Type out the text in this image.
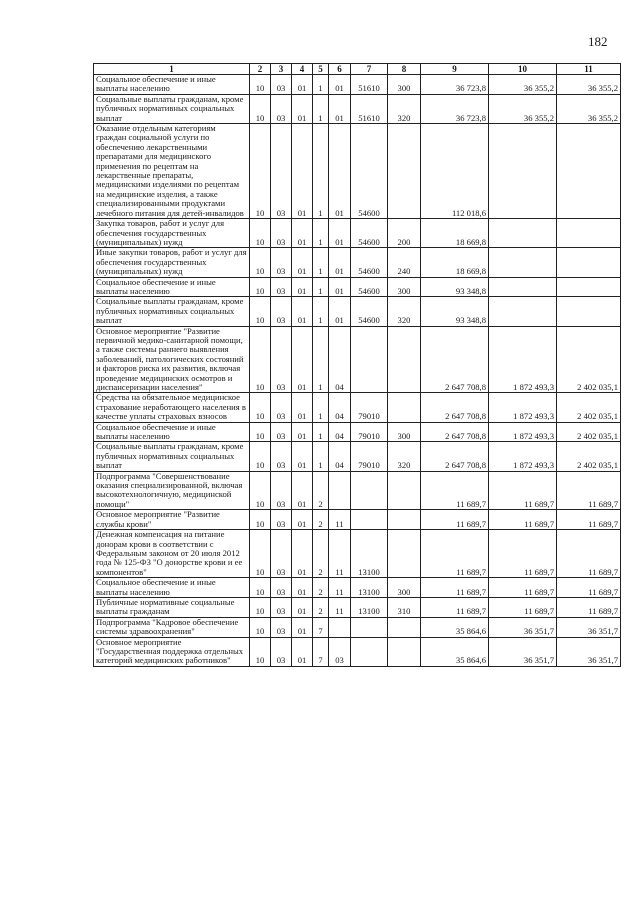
182
1	2	3	4	5	6	7	8	9	10	11
Социальное обеспечение и иные выплаты населению	10	03	01	1	01	51610	300	36 723,8	36 355,2	36 355,2
Социальные выплаты гражданам, кроме публичных нормативных социальных выплат	10	03	01	1	01	51610	320	36 723,8	36 355,2	36 355,2
Оказание отдельным категориям граждан социальной услуги по обеспечению лекарственными препаратами для медицинского применения по рецептам на лекарственные препараты, медицинскими изделиями по рецептам на медицинские изделия, а также специализированными продуктами лечебного питания для детей-инвалидов	10	03	01	1	01	54600		112 018,6		
Закупка товаров, работ и услуг для обеспечения государственных (муниципальных) нужд	10	03	01	1	01	54600	200	18 669,8		
Иные закупки товаров, работ и услуг для обеспечения государственных (муниципальных) нужд	10	03	01	1	01	54600	240	18 669,8		
Социальное обеспечение и иные выплаты населению	10	03	01	1	01	54600	300	93 348,8		
Социальные выплаты гражданам, кроме публичных нормативных социальных выплат	10	03	01	1	01	54600	320	93 348,8		
Основное мероприятие "Развитие первичной медико-санитарной помощи, а также системы раннего выявления заболеваний, патологических состояний и факторов риска их развития, включая проведение медицинских осмотров и диспансеризации населения"	10	03	01	1	04			2 647 708,8	1 872 493,3	2 402 035,1
Средства на обязательное медицинское страхование неработающего населения в качестве уплаты страховых взносов	10	03	01	1	04	79010		2 647 708,8	1 872 493,3	2 402 035,1
Социальное обеспечение и иные выплаты населению	10	03	01	1	04	79010	300	2 647 708,8	1 872 493,3	2 402 035,1
Социальные выплаты гражданам, кроме публичных нормативных социальных выплат	10	03	01	1	04	79010	320	2 647 708,8	1 872 493,3	2 402 035,1
Подпрограмма "Совершенствование оказания специализированной, включая высокотехнологичную, медицинской помощи"	10	03	01	2				11 689,7	11 689,7	11 689,7
Основное мероприятие "Развитие службы крови"	10	03	01	2	11			11 689,7	11 689,7	11 689,7
Денежная компенсация на питание донорам крови в соответствии с Федеральным законом от 20 июля 2012 года № 125-ФЗ "О донорстве крови и ее компонентов"	10	03	01	2	11	13100		11 689,7	11 689,7	11 689,7
Социальное обеспечение и иные выплаты населению	10	03	01	2	11	13100	300	11 689,7	11 689,7	11 689,7
Публичные нормативные социальные выплаты гражданам	10	03	01	2	11	13100	310	11 689,7	11 689,7	11 689,7
Подпрограмма "Кадровое обеспечение системы здравоохранения"	10	03	01	7				35 864,6	36 351,7	36 351,7
Основное мероприятие "Государственная поддержка отдельных категорий медицинских работников"	10	03	01	7	03			35 864,6	36 351,7	36 351,7
